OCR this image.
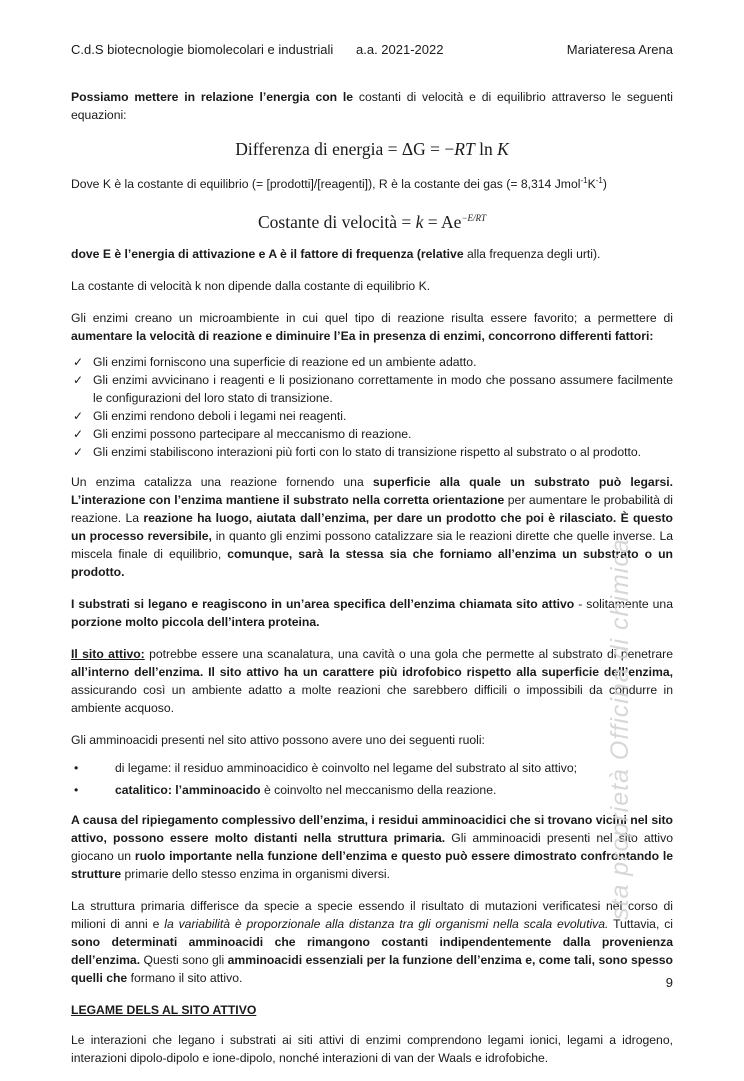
C.d.S biotecnologie biomolecolari e industriali a.a. 2021-2022	Mariateresa Arena

Possiamo mettere in relazione l’energia con le costanti di velocità e di equilibrio attraverso le seguenti equazioni:

Differenza di energia = ΔG = −RT ln K

Dove K è la costante di equilibrio (= [prodotti]/[reagenti]), R è la costante dei gas (= 8,314 $Jmol^{-1}K^{-1}$)

Costante di velocità = $k = Ae^{-E/RT}$

dove E è l’energia di attivazione e A è il fattore di frequenza (relative alla frequenza degli urti).

La costante di velocità k non dipende dalla costante di equilibrio K.

Gli enzimi creano un microambiente in cui quel tipo di reazione risulta essere favorito; a permettere di aumentare la velocità di reazione e diminuire l’Ea in presenza di enzimi, concorrono differenti fattori:

✓ Gli enzimi forniscono una superficie di reazione ed un ambiente adatto.
✓ Gli enzimi avvicinano i reagenti e li posizionano correttamente in modo che possano assumere facilmente le configurazioni del loro stato di transizione.
✓ Gli enzimi rendono deboli i legami nei reagenti.
✓ Gli enzimi possono partecipare al meccanismo di reazione.
✓ Gli enzimi stabiliscono interazioni più forti con lo stato di transizione rispetto al substrato o al prodotto.

Un enzima catalizza una reazione fornendo una superficie alla quale un substrato può legarsi. L’interazione con l’enzima mantiene il substrato nella corretta orientazione per aumentare le probabilità di reazione. La reazione ha luogo, aiutata dall’enzima, per dare un prodotto che poi è rilasciato. È questo un processo reversibile, in quanto gli enzimi possono catalizzare sia le reazioni dirette che quelle inverse. La miscela finale di equilibrio, comunque, sarà la stessa sia che forniamo all’enzima un substrato o un prodotto.

I substrati si legano e reagiscono in un’area specifica dell’enzima chiamata sito attivo - solitamente una porzione molto piccola dell’intera proteina.

Il sito attivo: potrebbe essere una scanalatura, una cavità o una gola che permette al substrato di penetrare all’interno dell’enzima. Il sito attivo ha un carattere più idrofobico rispetto alla superficie dell’enzima, assicurando così un ambiente adatto a molte reazioni che sarebbero difficili o impossibili da condurre in ambiente acquoso.

Gli amminoacidi presenti nel sito attivo possono avere uno dei seguenti ruoli:

•	di legame: il residuo amminoacidico è coinvolto nel legame del substrato al sito attivo;
•	catalitico: l’amminoacido è coinvolto nel meccanismo della reazione.

A causa del ripiegamento complessivo dell’enzima, i residui amminoacidici che si trovano vicini nel sito attivo, possono essere molto distanti nella struttura primaria. Gli amminoacidi presenti nel sito attivo giocano un ruolo importante nella funzione dell’enzima e questo può essere dimostrato confrontando le strutture primarie dello stesso enzima in organismi diversi.

La struttura primaria differisce da specie a specie essendo il risultato di mutazioni verificatesi nel corso di milioni di anni e la variabilità è proporzionale alla distanza tra gli organismi nella scala evolutiva. Tuttavia, ci sono determinati amminoacidi che rimangono costanti indipendentemente dalla provenienza dell’enzima. Questi sono gli amminoacidi essenziali per la funzione dell’enzima e, come tali, sono spesso quelli che formano il sito attivo.

LEGAME DELS AL SITO ATTIVO

Le interazioni che legano i substrati ai siti attivi di enzimi comprendono legami ionici, legami a idrogeno, interazioni dipolo-dipolo e ione-dipolo, nonché interazioni di van der Waals e idrofobiche.

sta proprietà Officina di chimica
9
